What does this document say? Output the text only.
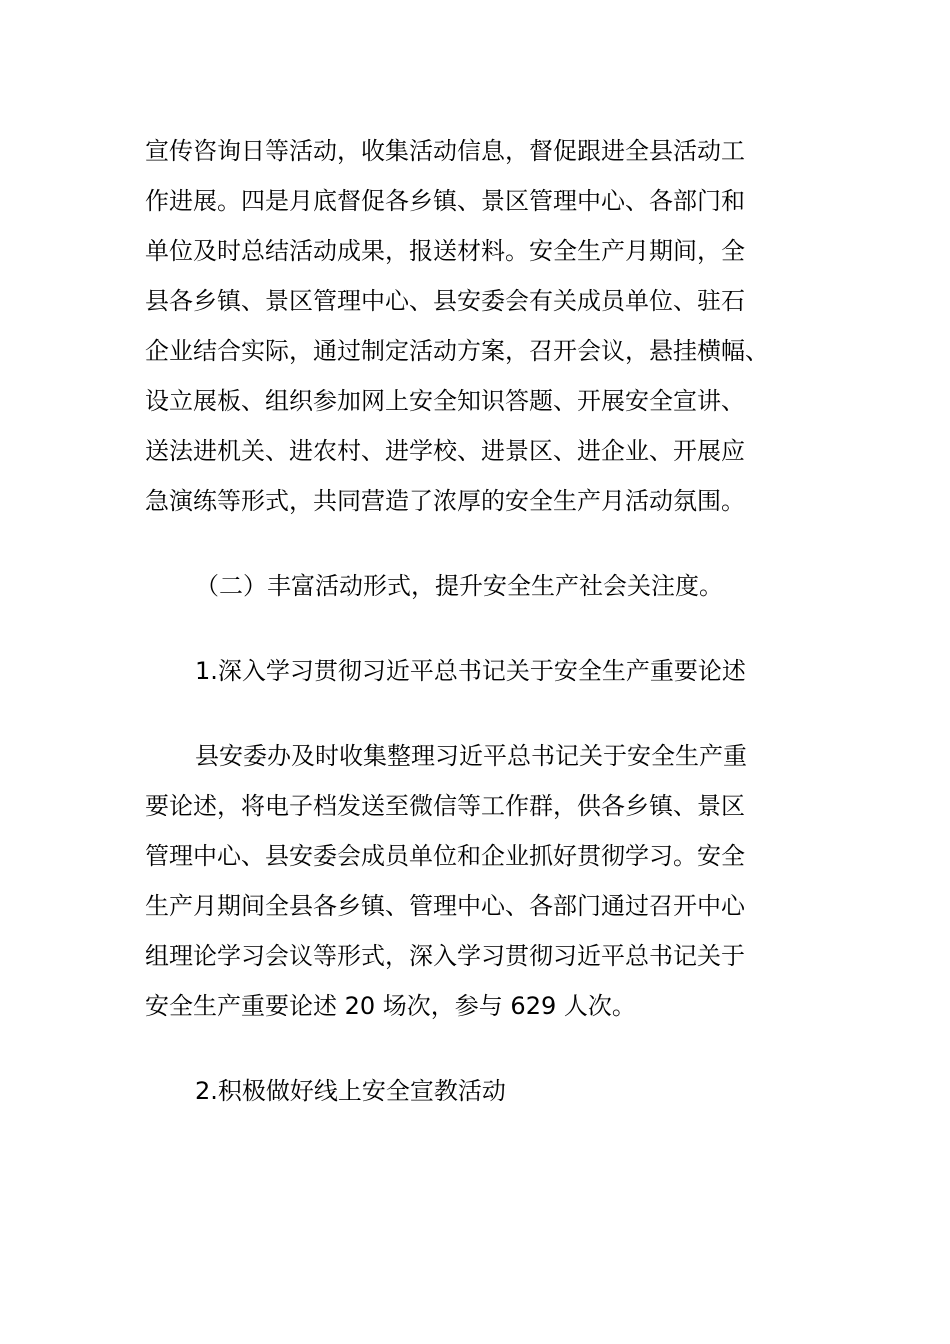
宣传咨询日等活动，收集活动信息，督促跟进全县活动工
作进展。四是月底督促各乡镇、景区管理中心、各部门和
单位及时总结活动成果，报送材料。安全生产月期间，全
县各乡镇、景区管理中心、县安委会有关成员单位、驻石
企业结合实际，通过制定活动方案，召开会议，悬挂横幅、
设立展板、组织参加网上安全知识答题、开展安全宣讲、
送法进机关、进农村、进学校、进景区、进企业、开展应
急演练等形式，共同营造了浓厚的安全生产月活动氛围。
（二）丰富活动形式，提升安全生产社会关注度。
1.深入学习贯彻习近平总书记关于安全生产重要论述
县安委办及时收集整理习近平总书记关于安全生产重
要论述，将电子档发送至微信等工作群，供各乡镇、景区
管理中心、县安委会成员单位和企业抓好贯彻学习。安全
生产月期间全县各乡镇、管理中心、各部门通过召开中心
组理论学习会议等形式，深入学习贯彻习近平总书记关于
安全生产重要论述 20 场次，参与 629 人次。
2.积极做好线上安全宣教活动
